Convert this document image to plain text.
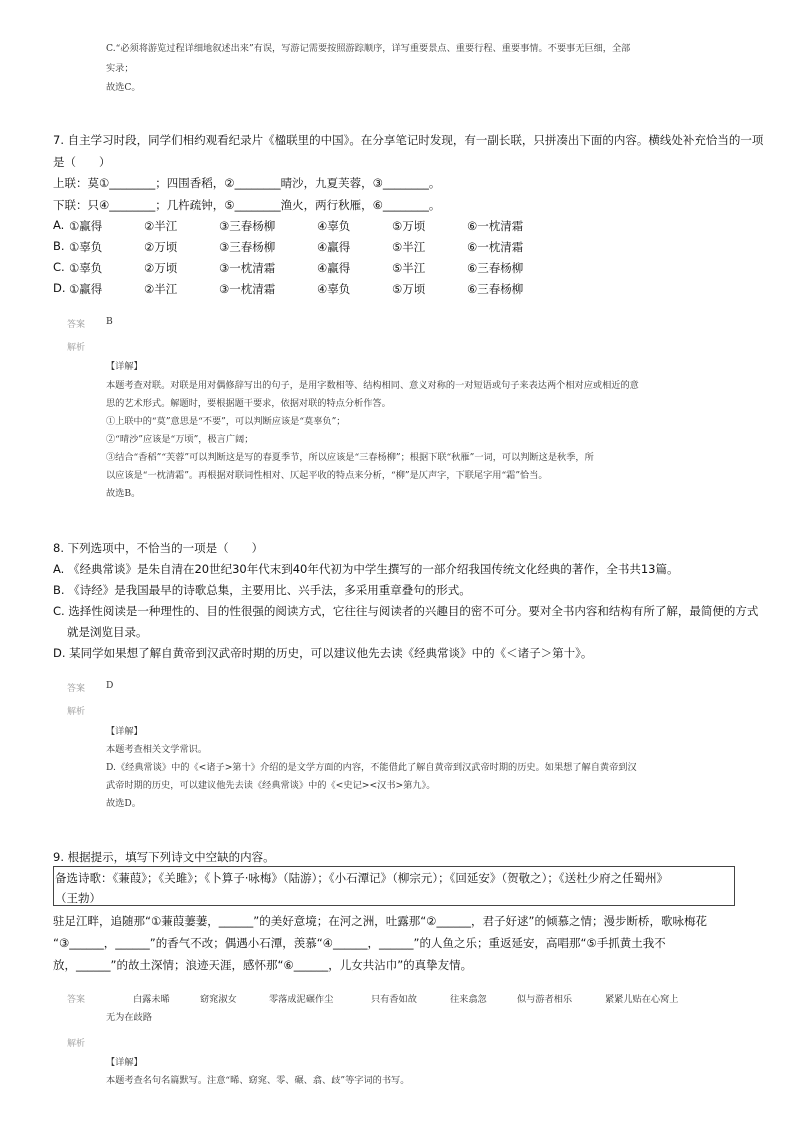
C.“必须将游览过程详细地叙述出来”有误，写游记需要按照游踪顺序，详写重要景点、重要行程、重要事情。不要事无巨细，全部
实录；
故选C。
7. 自主学习时段，同学们相约观看纪录片《楹联里的中国》。在分享笔记时发现，有一副长联，只拼凑出下面的内容。横线处补充恰当的一项
是（　　）
上联：莫①________；四围香稻，②________晴沙，九夏芙蓉，③________。
下联：只④________；几杵疏钟，⑤________渔火，两行秋雁，⑥________。
A. ①赢得	②半江	③三春杨柳	④辜负	⑤万顷	⑥一枕清霜
B. ①辜负	②万顷	③三春杨柳	④赢得	⑤半江	⑥一枕清霜
C. ①辜负	②万顷	③一枕清霜	④赢得	⑤半江	⑥三春杨柳
D. ①赢得	②半江	③一枕清霜	④辜负	⑤万顷	⑥三春杨柳
答案 B
解析
【详解】
本题考查对联。对联是用对偶修辞写出的句子，是用字数相等、结构相同、意义对称的一对短语或句子来表达两个相对应或相近的意
思的艺术形式。解题时，要根据题干要求，依据对联的特点分析作答。
①上联中的“莫”意思是“不要”，可以判断应该是“莫辜负”；
②“晴沙”应该是“万顷”，极言广阔；
③结合“香稻”“芙蓉”可以判断这是写的春夏季节，所以应该是“三春杨柳”；根据下联“秋雁”一词，可以判断这是秋季，所
以应该是“一枕清霜”。再根据对联词性相对、仄起平收的特点来分析，“柳”是仄声字，下联尾字用“霜”恰当。
故选B。
8. 下列选项中，不恰当的一项是（　　）
A. 《经典常谈》是朱自清在20世纪30年代末到40年代初为中学生撰写的一部介绍我国传统文化经典的著作，全书共13篇。
B. 《诗经》是我国最早的诗歌总集，主要用比、兴手法，多采用重章叠句的形式。
C. 选择性阅读是一种理性的、目的性很强的阅读方式，它往往与阅读者的兴趣目的密不可分。要对全书内容和结构有所了解，最简便的方式
就是浏览目录。
D. 某同学如果想了解自黄帝到汉武帝时期的历史，可以建议他先去读《经典常谈》中的《＜诸子＞第十》。
答案 D
解析
【详解】
本题考查相关文学常识。
D.《经典常谈》中的《<诸子>第十》介绍的是文学方面的内容，不能借此了解自黄帝到汉武帝时期的历史。如果想了解自黄帝到汉
武帝时期的历史，可以建议他先去读《经典常谈》中的《<史记><汉书>第九》。
故选D。
9. 根据提示，填写下列诗文中空缺的内容。
备选诗歌：《蒹葭》；《关雎》；《卜算子·咏梅》（陆游）；《小石潭记》（柳宗元）；《回延安》（贺敬之）；《送杜少府之任蜀州》
（王勃）
驻足江畔，追随那“①蒹葭萋萋，______”的美好意境；在河之洲，吐露那“②______，君子好逑”的倾慕之情；漫步断桥，歌咏梅花
“③______，______”的香气不改；偶遇小石潭，羡慕“④______，______”的人鱼之乐；重返延安，高唱那“⑤手抓黄土我不
放，______”的故土深情；浪迹天涯，感怀那“⑥______，儿女共沾巾”的真挚友情。
答案	白露未晞	窈窕淑女	零落成泥碾作尘	只有香如故	往来翕忽	似与游者相乐	紧紧儿贴在心窝上
无为在歧路
解析
【详解】
本题考查名句名篇默写。注意“晞、窈窕、零、碾、翕、歧”等字词的书写。
